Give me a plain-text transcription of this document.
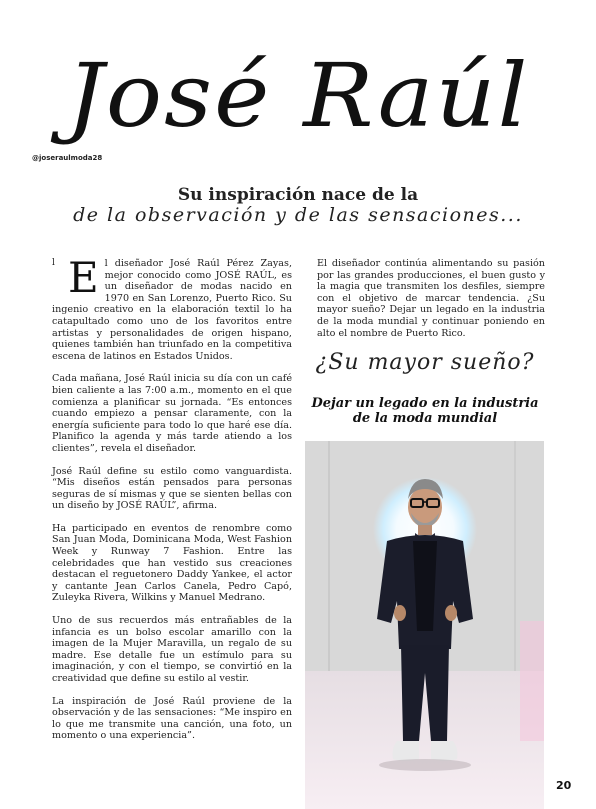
José Raúl
@joseraulmoda28
Su inspiración nace de la
de la observación y de las sensaciones...
l El diseñador José Raúl Pérez Zayas, mejor conocido como JOSÉ RAÚL, es un diseñador de modas nacido en 1970 en San Lorenzo, Puerto Rico. Su ingenio creativo en la elaboración textil lo ha catapultado como uno de los favoritos entre artistas y personalidades de origen hispano, quienes también han triunfado en la competitiva escena de latinos en Estados Unidos.

Cada mañana, José Raúl inicia su día con un café bien caliente a las 7:00 a.m., momento en el que comienza a planificar su jornada. “Es entonces cuando empiezo a pensar claramente, con la energía suficiente para todo lo que haré ese día. Planifico la agenda y más tarde atiendo a los clientes”, revela el diseñador.

José Raúl define su estilo como vanguardista. “Mis diseños están pensados para personas seguras de sí mismas y que se sienten bellas con un diseño by JOSÉ RAÚL”, afirma.

Ha participado en eventos de renombre como San Juan Moda, Dominicana Moda, West Fashion Week y Runway 7 Fashion. Entre las celebridades que han vestido sus creaciones destacan el reguetonero Daddy Yankee, el actor y cantante Jean Carlos Canela, Pedro Capó, Zuleyka Rivera, Wilkins y Manuel Medrano.

Uno de sus recuerdos más entrañables de la infancia es un bolso escolar amarillo con la imagen de la Mujer Maravilla, un regalo de su madre. Ese detalle fue un estímulo para su imaginación, y con el tiempo, se convirtió en la creatividad que define su estilo al vestir.

La inspiración de José Raúl proviene de la observación y de las sensaciones: “Me inspiro en lo que me transmite una canción, una foto, un momento o una experiencia”.

El diseñador continúa alimentando su pasión por las grandes producciones, el buen gusto y la magia que transmiten los desfiles, siempre con el objetivo de marcar tendencia. ¿Su mayor sueño? Dejar un legado en la industria de la moda mundial y continuar poniendo en alto el nombre de Puerto Rico.

¿Su mayor sueño?
Dejar un legado en la industria
de la moda mundial
20
